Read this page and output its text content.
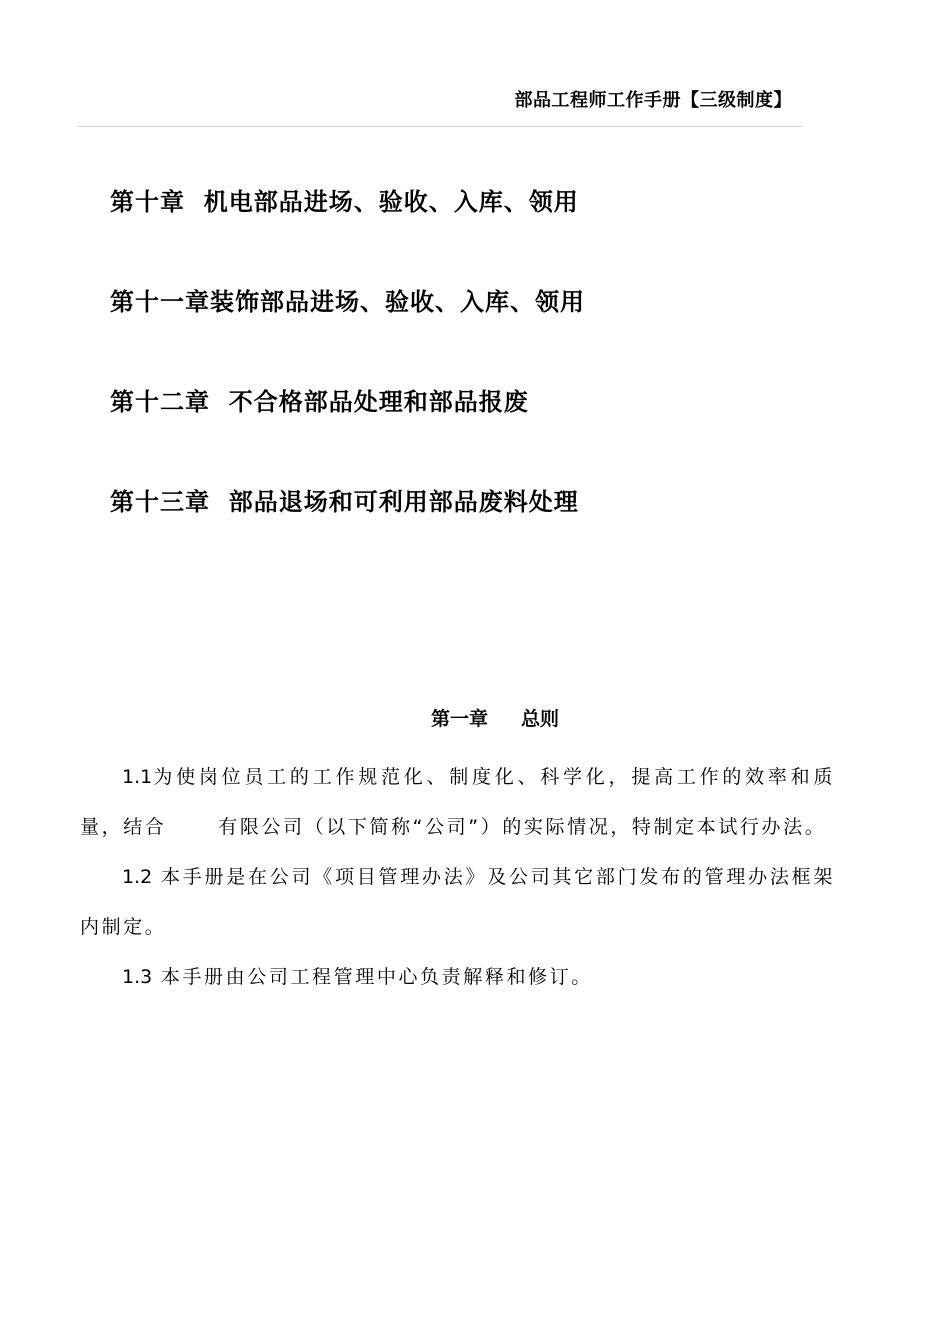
部品工程师工作手册【三级制度】
第十章  机电部品进场、验收、入库、领用
第十一章装饰部品进场、验收、入库、领用
第十二章  不合格部品处理和部品报废
第十三章  部品退场和可利用部品废料处理
第一章     总则

1.1为使岗位员工的工作规范化、制度化、科学化，提高工作的效率和质量，结合      有限公司（以下简称“公司”）的实际情况，特制定本试行办法。

1.2 本手册是在公司《项目管理办法》及公司其它部门发布的管理办法框架内制定。

1.3 本手册由公司工程管理中心负责解释和修订。
